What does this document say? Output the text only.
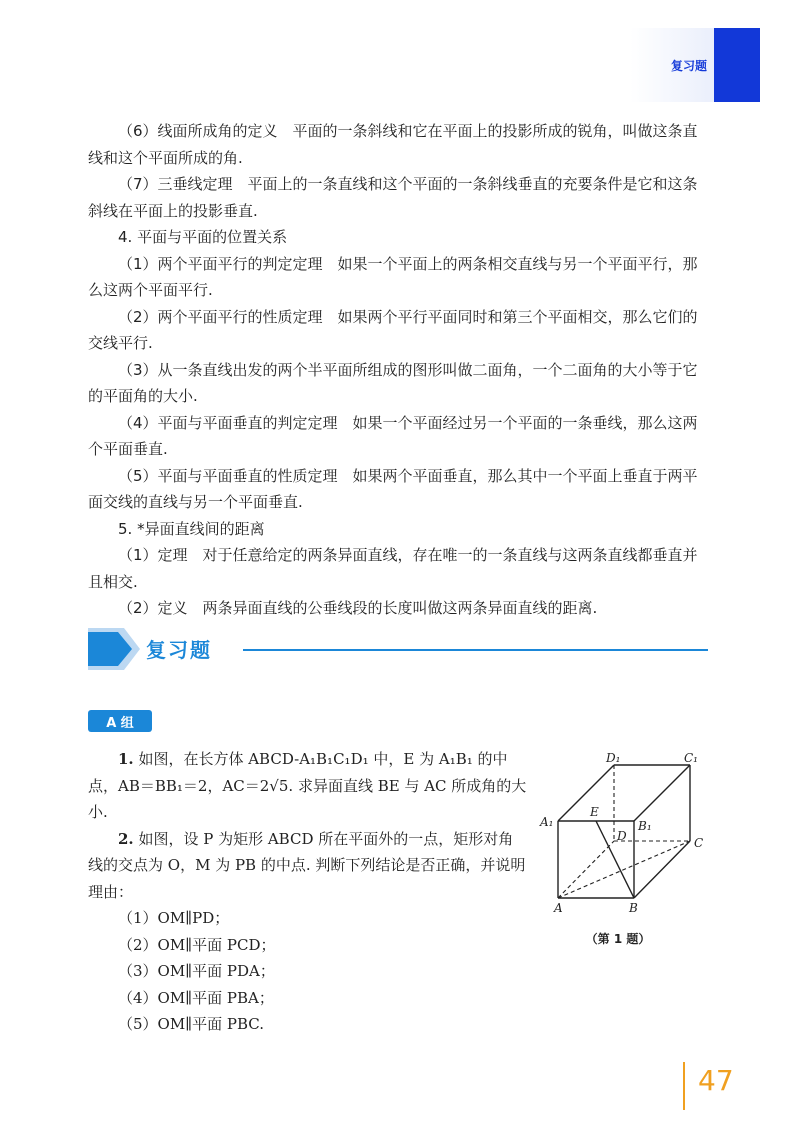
复习题

（6）线面所成角的定义　平面的一条斜线和它在平面上的投影所成的锐角，叫做这条直线和这个平面所成的角.

（7）三垂线定理　平面上的一条直线和这个平面的一条斜线垂直的充要条件是它和这条斜线在平面上的投影垂直.

4. 平面与平面的位置关系

（1）两个平面平行的判定定理　如果一个平面上的两条相交直线与另一个平面平行，那么这两个平面平行.

（2）两个平面平行的性质定理　如果两个平行平面同时和第三个平面相交，那么它们的交线平行.

（3）从一条直线出发的两个半平面所组成的图形叫做二面角，一个二面角的大小等于它的平面角的大小.

（4）平面与平面垂直的判定定理　如果一个平面经过另一个平面的一条垂线，那么这两个平面垂直.

（5）平面与平面垂直的性质定理　如果两个平面垂直，那么其中一个平面上垂直于两平面交线的直线与另一个平面垂直.

5. *异面直线间的距离

（1）定理　对于任意给定的两条异面直线，存在唯一的一条直线与这两条直线都垂直并且相交.

（2）定义　两条异面直线的公垂线段的长度叫做这两条异面直线的距离.

复习题
A 组

1. 如图，在长方体 ABCD-A₁B₁C₁D₁ 中，E 为 A₁B₁ 的中点，AB＝BB₁＝2，AC＝2√5. 求异面直线 BE 与 AC 所成角的大小.

2. 如图，设 P 为矩形 ABCD 所在平面外的一点，矩形对角线的交点为 O，M 为 PB 的中点. 判断下列结论是否正确，并说明理由：

（1）OM∥PD；

（2）OM∥平面 PCD；

（3）OM∥平面 PDA；

（4）OM∥平面 PBA；

（5）OM∥平面 PBC.

D₁	C₁
A₁
E
B₁
D	C
A	B
（第 1 题）
47
